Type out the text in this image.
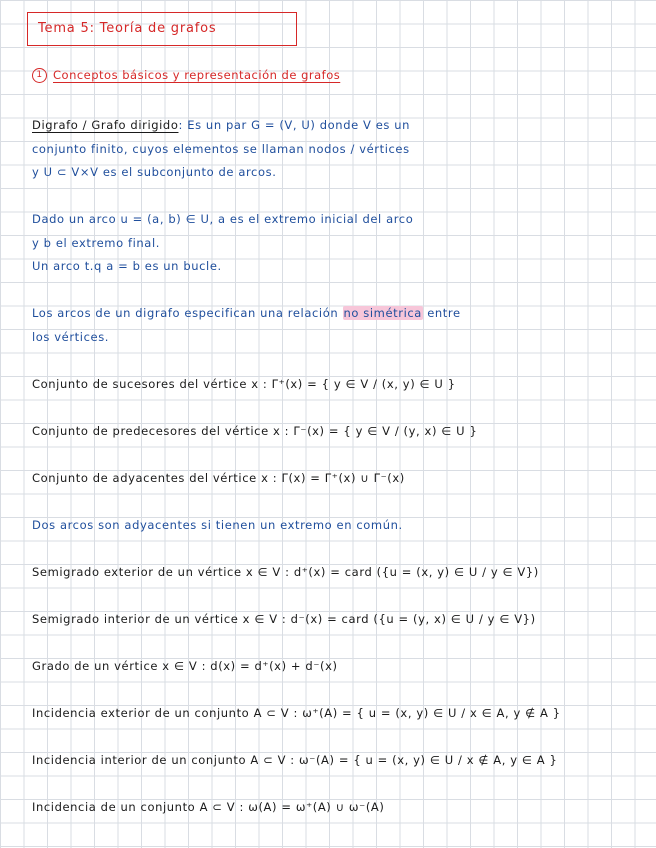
Tema 5: Teoría de grafos
1 Conceptos básicos y representación de grafos
Digrafo / Grafo dirigido: Es un par G = (V, U) donde V es un
conjunto finito, cuyos elementos se llaman nodos / vértices
y U ⊂ V×V es el subconjunto de arcos.
Dado un arco u = (a, b) ∈ U, a es el extremo inicial del arco
y b el extremo final.
Un arco t.q a = b es un bucle.
Los arcos de un digrafo especifican una relación no simétrica entre
los vértices.
Conjunto de sucesores del vértice x : Γ⁺(x) = { y ∈ V / (x, y) ∈ U }
Conjunto de predecesores del vértice x : Γ⁻(x) = { y ∈ V / (y, x) ∈ U }
Conjunto de adyacentes del vértice x : Γ(x) = Γ⁺(x) ∪ Γ⁻(x)
Dos arcos son adyacentes si tienen un extremo en común.
Semigrado exterior de un vértice x ∈ V : d⁺(x) = card ({u = (x, y) ∈ U / y ∈ V})
Semigrado interior de un vértice x ∈ V : d⁻(x) = card ({u = (y, x) ∈ U / y ∈ V})
Grado de un vértice x ∈ V : d(x) = d⁺(x) + d⁻(x)
Incidencia exterior de un conjunto A ⊂ V : ω⁺(A) = { u = (x, y) ∈ U / x ∈ A, y ∉ A }
Incidencia interior de un conjunto A ⊂ V : ω⁻(A) = { u = (x, y) ∈ U / x ∉ A, y ∈ A }
Incidencia de un conjunto A ⊂ V : ω(A) = ω⁺(A) ∪ ω⁻(A)
